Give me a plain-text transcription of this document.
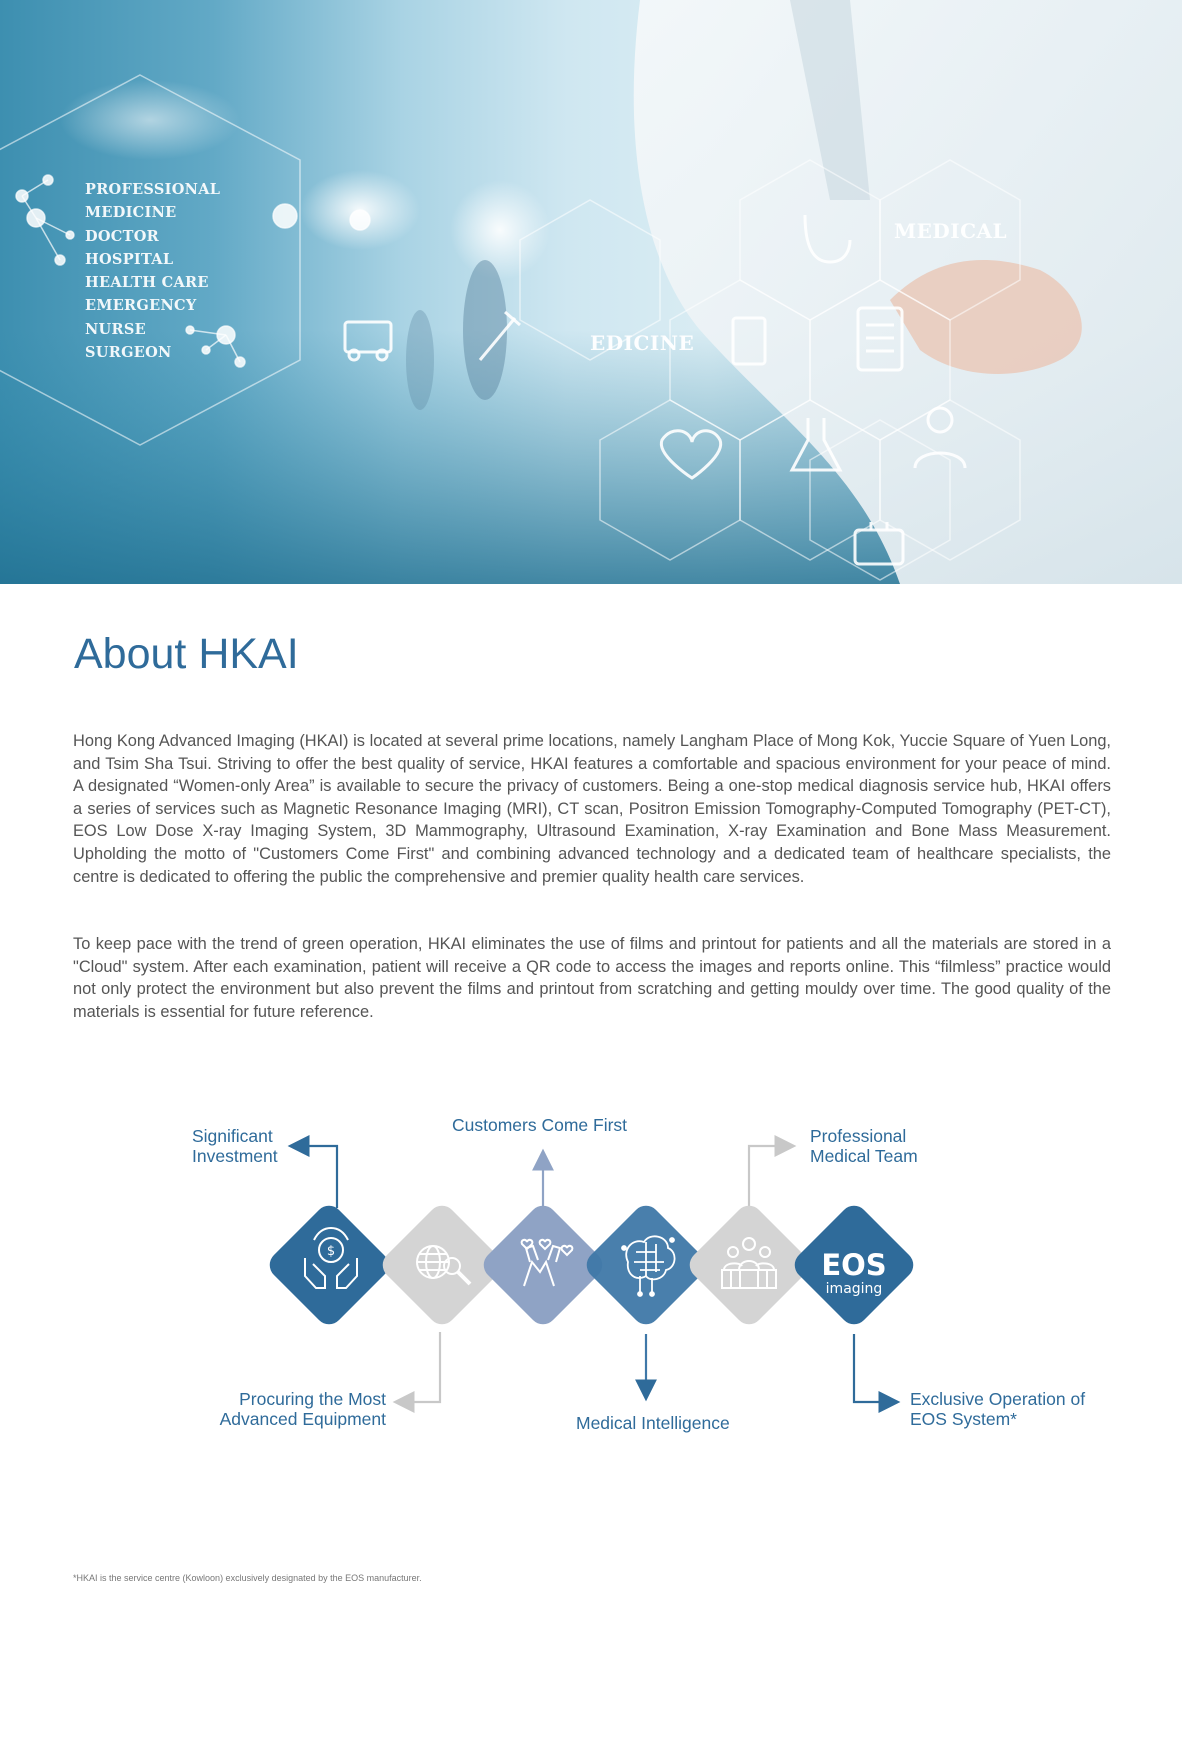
PROFESSIONAL
MEDICINE
DOCTOR
HOSPITAL
HEALTH CARE
EMERGENCY
NURSE
SURGEON
MEDICAL
EDICINE
About HKAI

Hong Kong Advanced Imaging (HKAI) is located at several prime locations, namely Langham Place of Mong Kok, Yuccie Square of Yuen Long, and Tsim Sha Tsui. Striving to offer the best quality of service, HKAI features a comfortable and spacious environment for your peace of mind. A designated “Women-only Area” is available to secure the privacy of customers. Being a one-stop medical diagnosis service hub, HKAI offers a series of services such as Magnetic Resonance Imaging (MRI), CT scan, Positron Emission Tomography-Computed Tomography (PET-CT), EOS Low Dose X-ray Imaging System, 3D Mammography, Ultrasound Examination, X-ray Examination and Bone Mass Measurement. Upholding the motto of "Customers Come First" and combining advanced technology and a dedicated team of healthcare specialists, the centre is dedicated to offering the public the comprehensive and premier quality health care services.

To keep pace with the trend of green operation, HKAI eliminates the use of films and printout for patients and all the materials are stored in a "Cloud" system. After each examination, patient will receive a QR code to access the images and reports online. This “filmless” practice would not only protect the environment but also prevent the films and printout from scratching and getting mouldy over time. The good quality of the materials is essential for future reference.

$	EOS
imaging
Significant
Investment
Customers Come First
Professional
Medical Team
Procuring the Most
Advanced Equipment	Medical Intelligence
Exclusive Operation of
EOS System*
*HKAI is the service centre (Kowloon) exclusively designated by the EOS manufacturer.
